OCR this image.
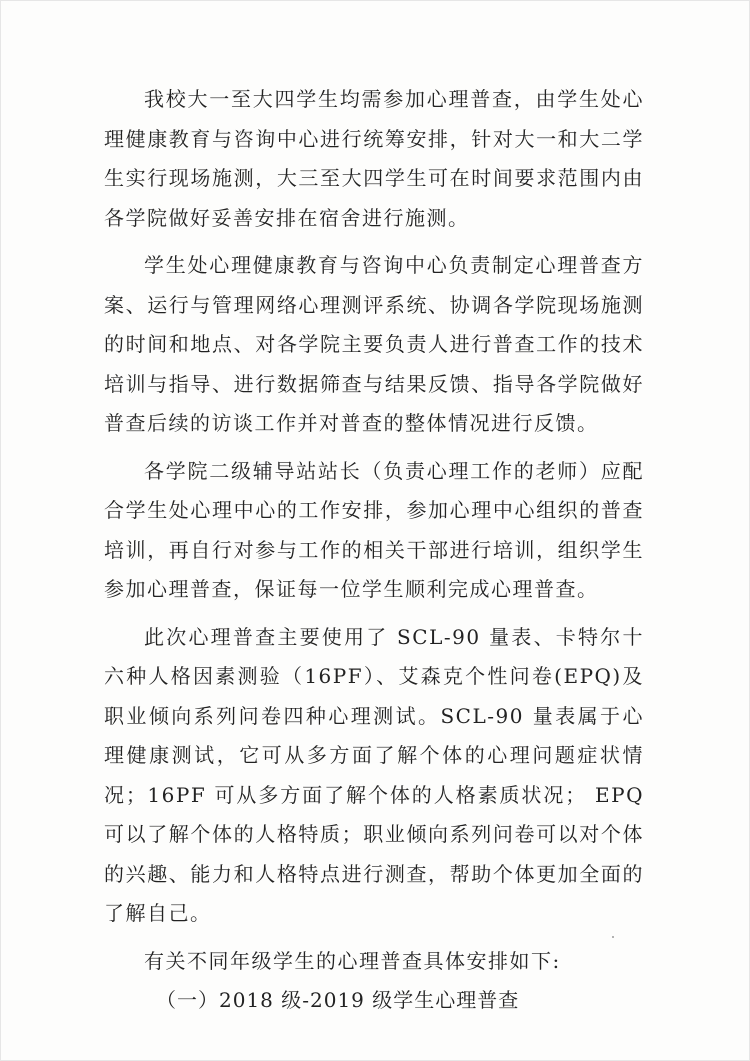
我校大一至大四学生均需参加心理普查，由学生处心理健康教育与咨询中心进行统筹安排，针对大一和大二学生实行现场施测，大三至大四学生可在时间要求范围内由各学院做好妥善安排在宿舍进行施测。

学生处心理健康教育与咨询中心负责制定心理普查方案、运行与管理网络心理测评系统、协调各学院现场施测的时间和地点、对各学院主要负责人进行普查工作的技术培训与指导、进行数据筛查与结果反馈、指导各学院做好普查后续的访谈工作并对普查的整体情况进行反馈。

各学院二级辅导站站长（负责心理工作的老师）应配合学生处心理中心的工作安排，参加心理中心组织的普查培训，再自行对参与工作的相关干部进行培训，组织学生参加心理普查，保证每一位学生顺利完成心理普查。

此次心理普查主要使用了 SCL-90 量表、卡特尔十六种人格因素测验（16PF）、艾森克个性问卷(EPQ)及职业倾向系列问卷四种心理测试。SCL-90 量表属于心理健康测试，它可从多方面了解个体的心理问题症状情况；16PF 可从多方面了解个体的人格素质状况； EPQ 可以了解个体的人格特质；职业倾向系列问卷可以对个体的兴趣、能力和人格特点进行测查，帮助个体更加全面的了解自己。

有关不同年级学生的心理普查具体安排如下:

（一）2018 级-2019 级学生心理普查
